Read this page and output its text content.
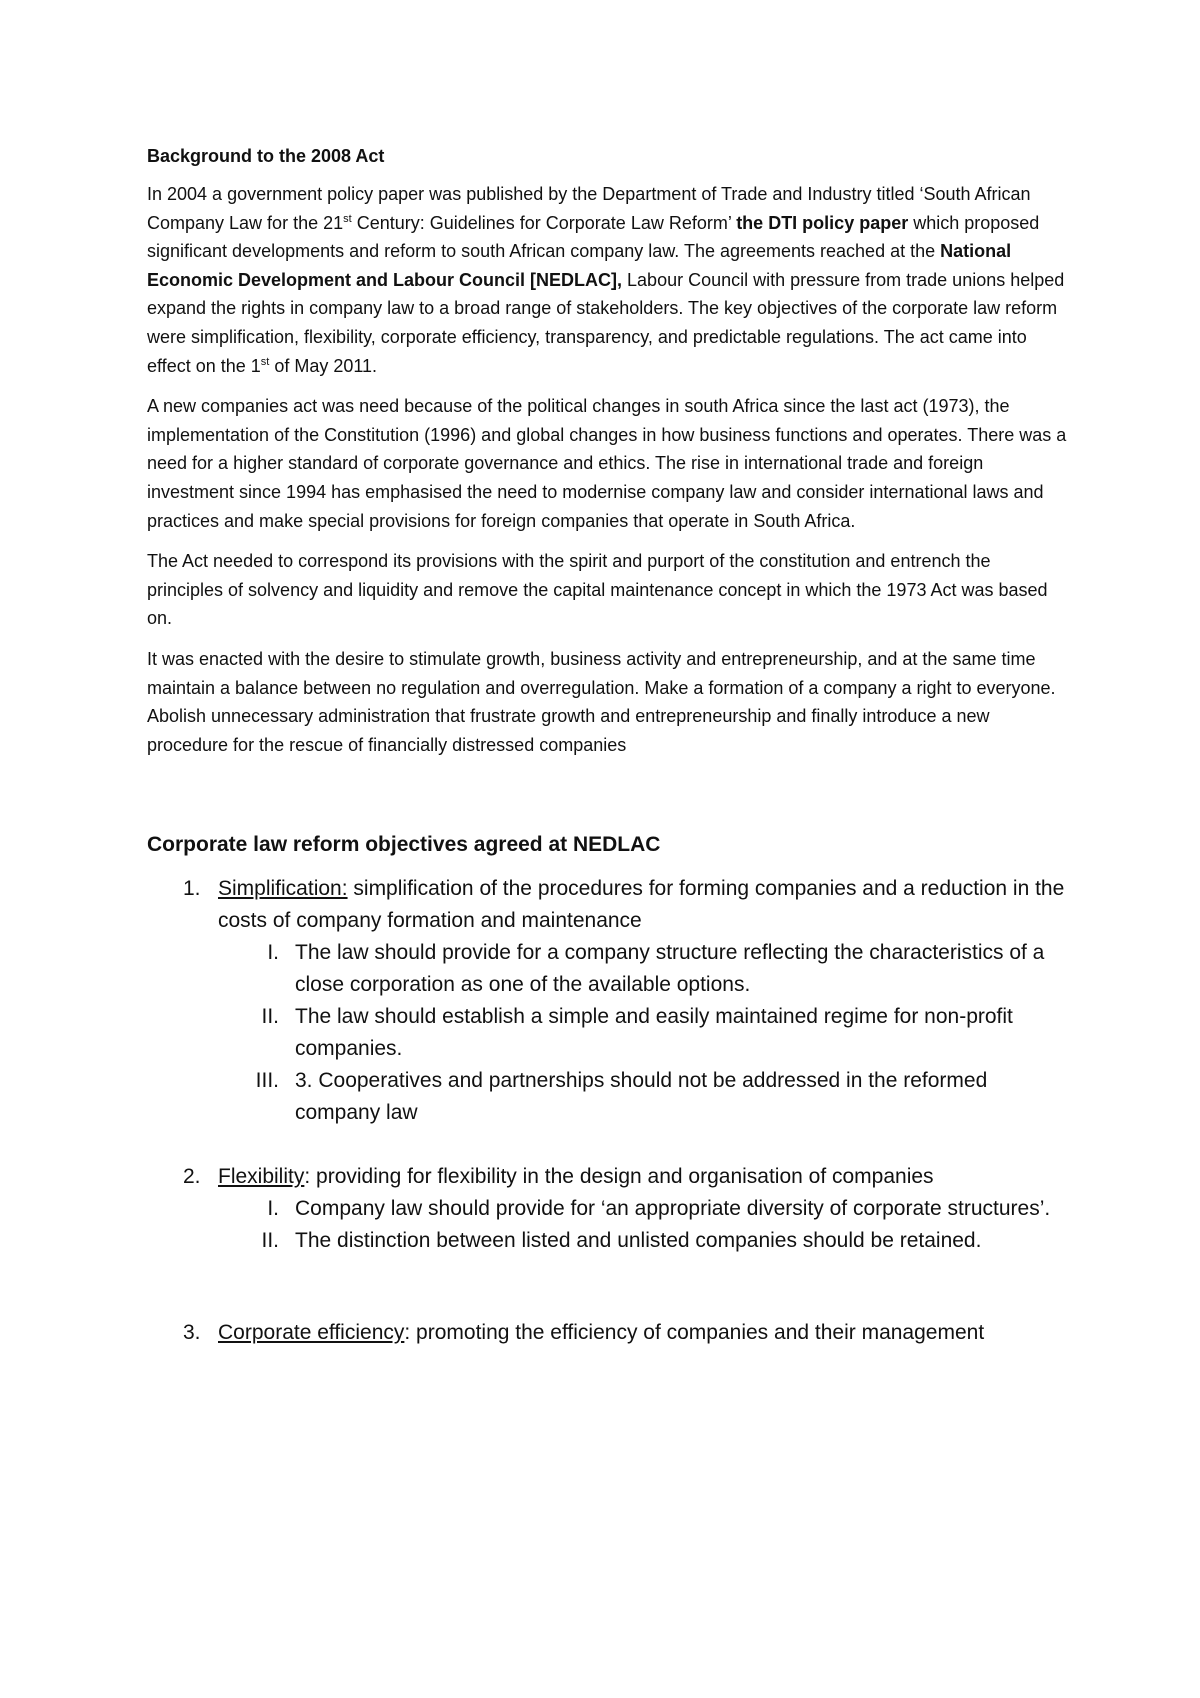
Background to the 2008 Act

In 2004 a government policy paper was published by the Department of Trade and Industry titled ‘South African Company Law for the 21st Century: Guidelines for Corporate Law Reform’ the DTI policy paper which proposed significant developments and reform to south African company law. The agreements reached at the National Economic Development and Labour Council [NEDLAC], Labour Council with pressure from trade unions helped expand the rights in company law to a broad range of stakeholders. The key objectives of the corporate law reform were simplification, flexibility, corporate efficiency, transparency, and predictable regulations. The act came into effect on the 1st of May 2011.

A new companies act was need because of the political changes in south Africa since the last act (1973), the implementation of the Constitution (1996) and global changes in how business functions and operates. There was a need for a higher standard of corporate governance and ethics. The rise in international trade and foreign investment since 1994 has emphasised the need to modernise company law and consider international laws and practices and make special provisions for foreign companies that operate in South Africa.

The Act needed to correspond its provisions with the spirit and purport of the constitution and entrench the principles of solvency and liquidity and remove the capital maintenance concept in which the 1973 Act was based on.

It was enacted with the desire to stimulate growth, business activity and entrepreneurship, and at the same time maintain a balance between no regulation and overregulation. Make a formation of a company a right to everyone. Abolish unnecessary administration that frustrate growth and entrepreneurship and finally introduce a new procedure for the rescue of financially distressed companies

Corporate law reform objectives agreed at NEDLAC
1. Simplification: simplification of the procedures for forming companies and a reduction in the costs of company formation and maintenance
I. The law should provide for a company structure reflecting the characteristics of a close corporation as one of the available options.
II. The law should establish a simple and easily maintained regime for non-profit companies.
III. 3. Cooperatives and partnerships should not be addressed in the reformed company law
2. Flexibility: providing for flexibility in the design and organisation of companies
I. Company law should provide for ‘an appropriate diversity of corporate structures’.
II. The distinction between listed and unlisted companies should be retained.
3. Corporate efficiency: promoting the efficiency of companies and their management
